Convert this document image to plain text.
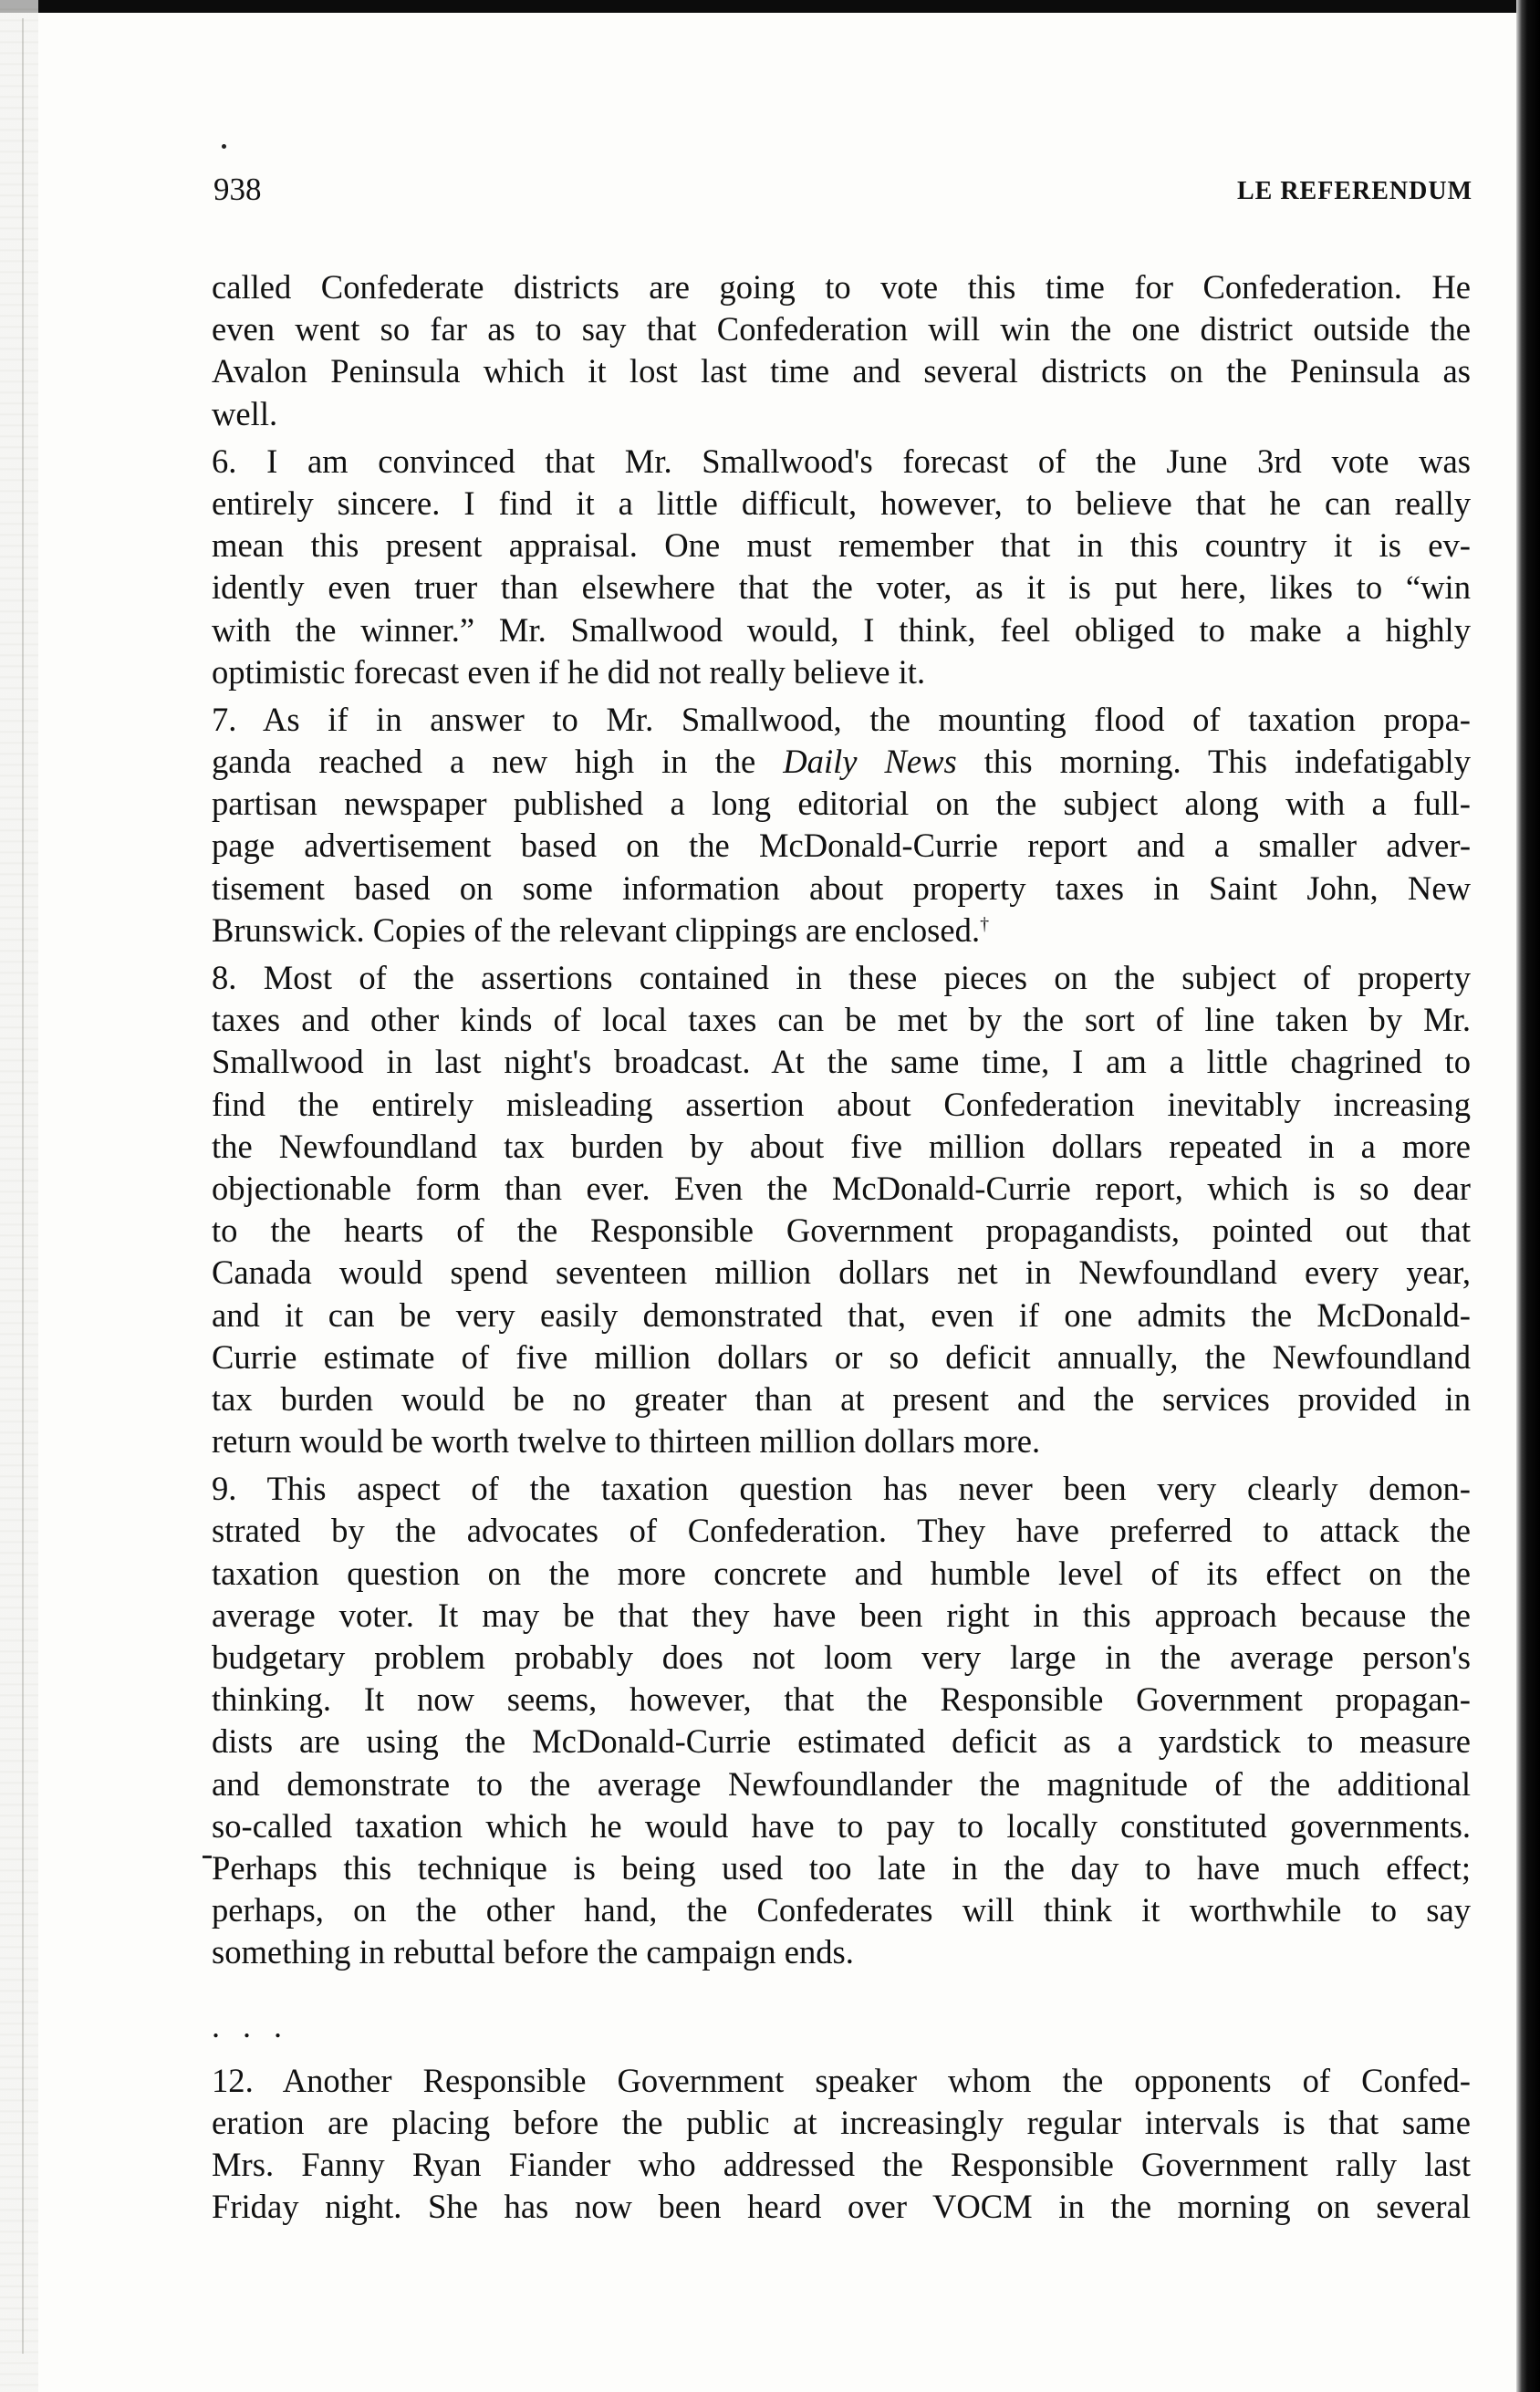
938	LE REFERENDUM
called Confederate districts are going to vote this time for Confederation. He
even went so far as to say that Confederation will win the one district outside the
Avalon Peninsula which it lost last time and several districts on the Peninsula as
well.
6. I am convinced that Mr. Smallwood's forecast of the June 3rd vote was
entirely sincere. I find it a little difficult, however, to believe that he can really
mean this present appraisal. One must remember that in this country it is ev-
idently even truer than elsewhere that the voter, as it is put here, likes to “win
with the winner.” Mr. Smallwood would, I think, feel obliged to make a highly
optimistic forecast even if he did not really believe it.
7. As if in answer to Mr. Smallwood, the mounting flood of taxation propa-
ganda reached a new high in the Daily News this morning. This indefatigably
partisan newspaper published a long editorial on the subject along with a full-
page advertisement based on the McDonald-Currie report and a smaller adver-
tisement based on some information about property taxes in Saint John, New
Brunswick. Copies of the relevant clippings are enclosed.†
8. Most of the assertions contained in these pieces on the subject of property
taxes and other kinds of local taxes can be met by the sort of line taken by Mr.
Smallwood in last night's broadcast. At the same time, I am a little chagrined to
find the entirely misleading assertion about Confederation inevitably increasing
the Newfoundland tax burden by about five million dollars repeated in a more
objectionable form than ever. Even the McDonald-Currie report, which is so dear
to the hearts of the Responsible Government propagandists, pointed out that
Canada would spend seventeen million dollars net in Newfoundland every year,
and it can be very easily demonstrated that, even if one admits the McDonald-
Currie estimate of five million dollars or so deficit annually, the Newfoundland
tax burden would be no greater than at present and the services provided in
return would be worth twelve to thirteen million dollars more.
9. This aspect of the taxation question has never been very clearly demon-
strated by the advocates of Confederation. They have preferred to attack the
taxation question on the more concrete and humble level of its effect on the
average voter. It may be that they have been right in this approach because the
budgetary problem probably does not loom very large in the average person's
thinking. It now seems, however, that the Responsible Government propagan-
dists are using the McDonald-Currie estimated deficit as a yardstick to measure
and demonstrate to the average Newfoundlander the magnitude of the additional
so-called taxation which he would have to pay to locally constituted governments.
Perhaps this technique is being used too late in the day to have much effect;
perhaps, on the other hand, the Confederates will think it worthwhile to say
something in rebuttal before the campaign ends.
. . .
12. Another Responsible Government speaker whom the opponents of Confed-
eration are placing before the public at increasingly regular intervals is that same
Mrs. Fanny Ryan Fiander who addressed the Responsible Government rally last
Friday night. She has now been heard over VOCM in the morning on several
